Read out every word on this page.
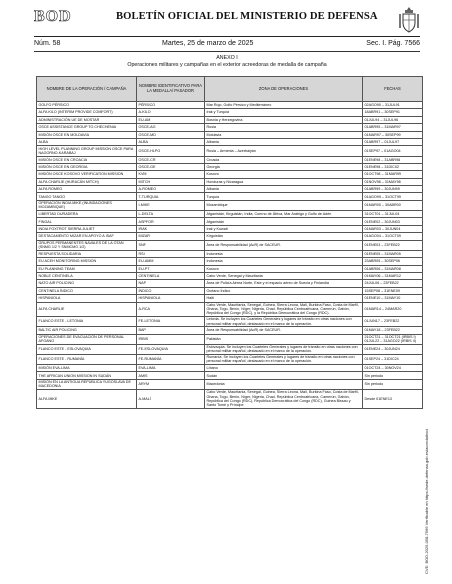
BOD	BOLETÍN OFICIAL DEL MINISTERIO DE DEFENSA
Núm. 58	Martes, 25 de marzo de 2025	Sec. I. Pág. 7566
ANEXO I
Operaciones militares y campañas en el exterior acreedoras de medalla de campaña
NOMBRE DE LA OPERACIÓN / CAMPAÑA	NOMBRE IDENTIFICATIVO PARA LA MEDALLA/ PASADOR	ZONA DE OPERACIONES	FECHAS
GOLFO PÉRSICO	PÉRSICO	Mar Rojo, Golfo Pérsico y Mediterráneo	02AGO90 – 31JUL91
ALFA KILO (INTERIM PROVIDE COMFORT)	A-KILO	Irak y Turquía	18ABR91 – 30SEP91
ADMINISTRACIÓN UE DE MOSTAR	EU-AM	Bosnia y Herzegovina	01JUL94 – 31JUL96
OSCE ASSISTANCE GROUP TO CHECHENIA	OSCE-AG	Rusia	01ABR95 – 31MAR97
MISIÓN OSCE EN MOLDAVIA	OSCE-MD	Moldavia	01MAR97 – 30SEP99
ALBA	ALBA	Albania	01ABR97 – 01JUL97
HIGH LEVEL PLANNING GROUP MISSION OSCE PARA NAGORNO-KARABAJ	OSCE-HLPG	Rusia – Armenia – Azerbaiyán	01SEP97 – 01AGO04
MISIÓN OSCE EN CROACIA	OSCE-CR	Croacia	01ENE98 – 31ABR98
MISIÓN OSCE EN GEORGIA	OSCE-GE	Georgia	01ENE98 – 31DIC02
MISIÓN OSCE KOSOVO VERIFICATION MISSION	KVM	Kosovo	01OCT98 – 31MAR99
ALFA CHARLIE (HURACÁN MITCH)	MITCH	Honduras y Nicaragua	01NOV98 – 31MAY98
ALFA ROMEO	A-ROMEO	Albania	01ABR99 – 30JUN99
TANGO TANGO	T-TURQUIA	Turquía	01AGO99 – 31OCT99
OPERACIÓN INDIA MIKE (INUNDACIONES MOZAMBIQUE)	I-MIKE	Mozambique	01MAR00 – 30ABR00
LIBERTAD DURADERA	L-DELTA	Afganistán, Kirguistán, India, Cuerno de África, Mar Arábigo y Golfo de Adén	31OCT01 – 31JUL04
FINGAL	ASPFOR	Afganistán	01ENE02 – 30JUN03
INDIA FOXTROT SIERRA JULIET	IRAK	Irak y Kuwait	01MAR03 – 30JUN04
DESTACAMENTO MIZAR EN APOYO A ISAF	MIZAR	Kirguistán	01AGO04 – 31OCT09
GRUPOS PERMANENTES NAVALES DE LA OTAN (SNMG 1/2 Y SNMCMG 1/2)	SNF	Área de Responsabilidad (AoR) de SACEUR.	01ENE03 – 23FEB22
RESPUESTA SOLIDARIA	RSI	Indonesia	01ENE05 – 31MAR05
EU ACEH MONITORING MISSION	EU-AMM	Indonesia	23ABR05 – 30SEP06
EU PLANNING TEAM	EU-PT	Kosovo	01ABR06 – 31MAR08
NOBLE CENTINELA	CENTINELA	Cabo Verde, Senegal y Mauritania	01MAY06 – 31MAR12
NATO AIR POLICING	NAP	Área de Policía Aérea Norte, Este y el espacio aéreo de Suecia y Finlandia	24JUL06 – 23FEB22
CENTINELA ÍNDICO	ÍNDICO	Océano Índico	15SEP08 – 31ENE09
HISPANIOLA	HISPANIOLA	Haití	01ENE10 – 31MAY10
ALFA CHARLIE	A-RCA	Cabo Verde, Mauritania, Senegal, Guinea, Sierra Leona, Malí, Burkina Faso, Costa de Marfil, Ghana, Togo, Benín, Níger, Nigeria, Chad, República Centroafricana, Camerún, Gabón, República del Congo (RDC), y la República Democrática del Congo (RDC).	01MAR14 – 24MAR20
FLANCO ESTE - LETONIA	FE-LETONIA	Letonia. Se incluyen los Cuarteles Generales y lugares de tránsito en otras naciones con personal militar español, destacado en el marco de la operación.	01JUN17 – 23FEB22
BALTIC AIR POLICING	BAP	Área de Responsabilidad (AoR) de SACEUR.	01MAY18 – 23FEB22
OPERACIONES DE EVACUACIÓN DE PERSONAL AFGANO	IRBIS	Pakistán	21OCT21 – 31OCT21 (IRBIS I) 01JUL22 – 31AGO22 (IRBIS II)
FLANCO ESTE - ESLOVAQUIA	FE-ESLOVAQUIA	Eslovaquia. Se incluyen los Cuarteles Generales y lugares de tránsito en otras naciones con personal militar español, destacado en el marco de la operación.	01ENE24 – 30JUN24
FLANCO ESTE - RUMANÍA	FE-RUMANÍA	Rumanía. Se incluyen los Cuarteles Generales y lugares de tránsito en otras naciones con personal militar español, destacado en el marco de la operación.	01SEP24 – 31DIC24
MISIÓN EVA-LIMA	EVA-LIMA	Líbano	01OCT24 – 30NOV24
THE AFRICAN UNION MISSION IN SUDÁN	AMIS	Sudán	Sin periodo
MISIÓN EN LA ANTIGUA REPÚBLICA YUGOSLAVA DE MACEDONIA	ARYM	Macedonia	Sin periodo
ALFA MIKE	A-MALÍ	Cabo Verde, Mauritania, Senegal, Guinea, Sierra Leona, Malí, Burkina Faso, Costa de Marfil, Ghana, Togo, Benín, Níger, Nigeria, Chad, República Centroafricana, Camerún, Gabón, República del Congo (RDC), República Democrática del Congo (RDC), Guinea Bissau y Santo Tomé y Príncipe	Desde 01ENE13
CVE: BOD-2025-058-7566 Verificable en https://sede.defensa.gob.es/acceda/bod
